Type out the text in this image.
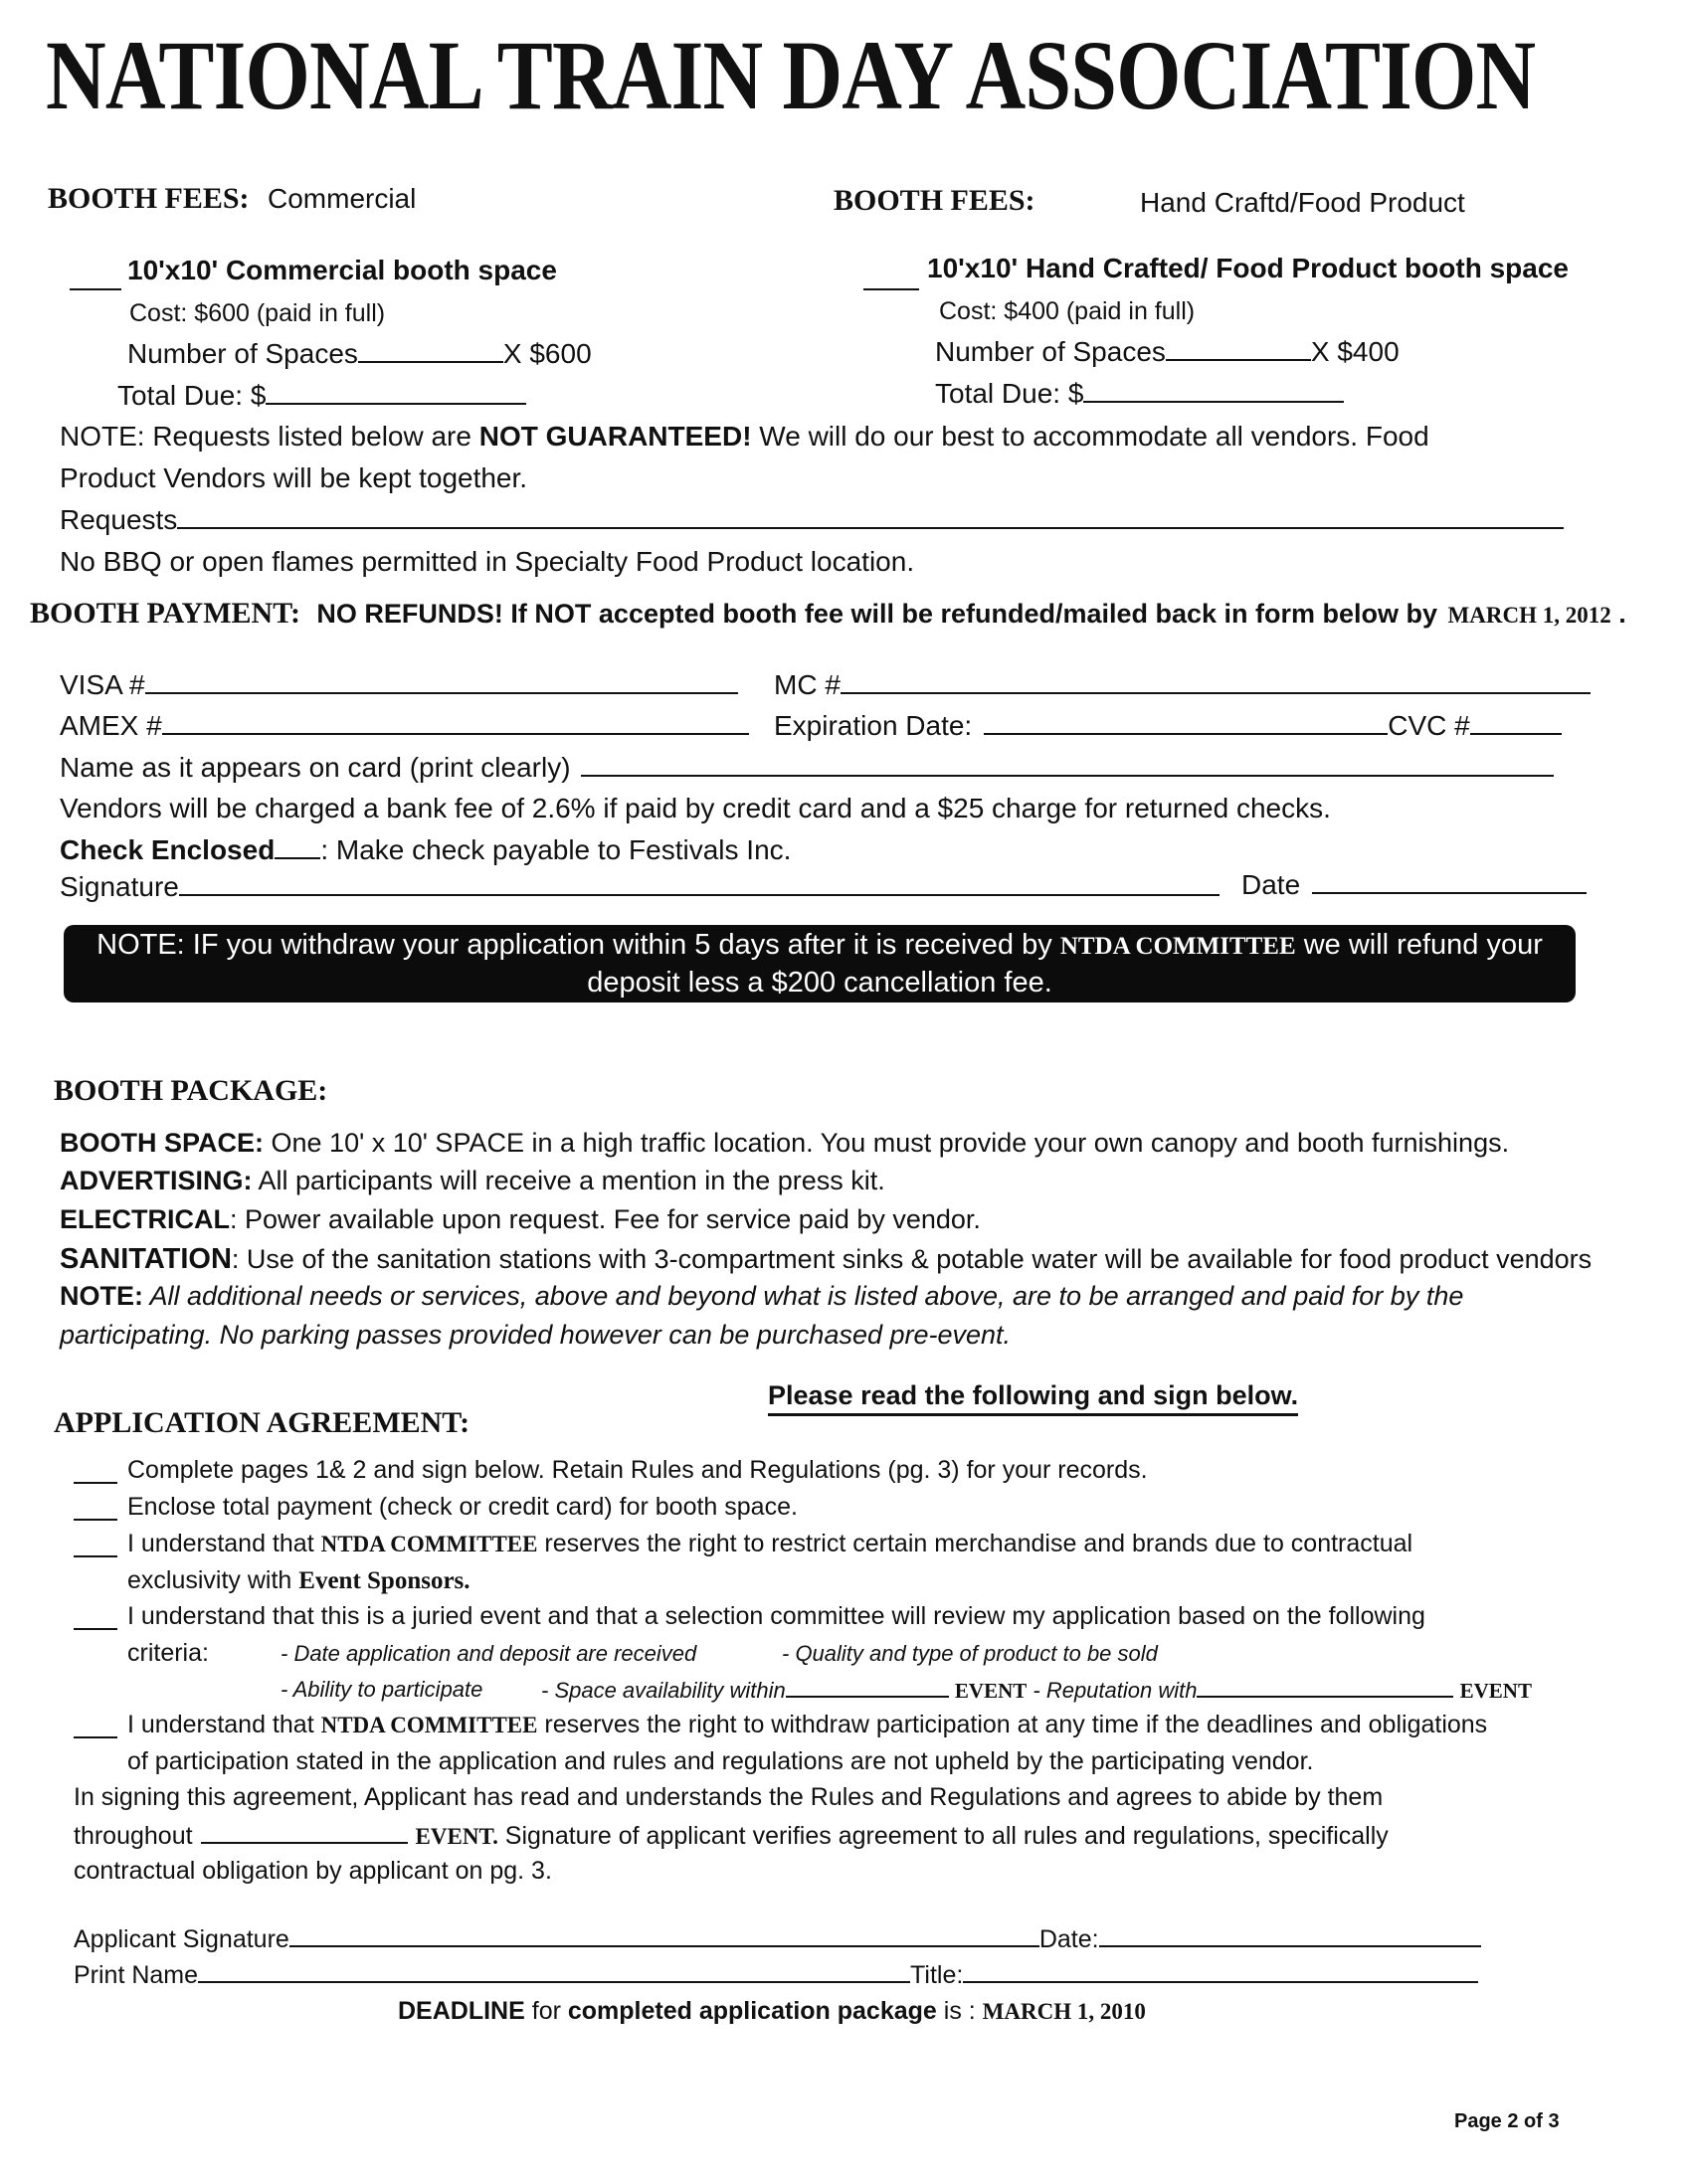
NATIONAL TRAIN DAY ASSOCIATION
BOOTH FEES: Commercial	BOOTH FEES:	Hand Craftd/Food Product
10'x10' Commercial booth space
Cost: $600 (paid in full)
Number of Spaces	X $600
Total Due: $
10'x10' Hand Crafted/ Food Product booth space
Cost: $400 (paid in full)
Number of Spaces	X $400
Total Due: $
NOTE: Requests listed below are NOT GUARANTEED! We will do our best to accommodate all vendors. Food
Product Vendors will be kept together.
Requests
No BBQ or open flames permitted in Specialty Food Product location.
BOOTH PAYMENT: NO REFUNDS! If NOT accepted booth fee will be refunded/mailed back in form below by MARCH 1, 2012 .
VISA #	MC #
AMEX #	Expiration Date:	CVC #
Name as it appears on card (print clearly)
Vendors will be charged a bank fee of 2.6% if paid by credit card and a $25 charge for returned checks.
Check Enclosed : Make check payable to Festivals Inc.
Signature	Date
NOTE: IF you withdraw your application within 5 days after it is received by NTDA COMMITTEE we will refund your
deposit less a $200 cancellation fee.
BOOTH PACKAGE:
BOOTH SPACE: One 10' x 10' SPACE in a high traffic location. You must provide your own canopy and booth furnishings.
ADVERTISING: All participants will receive a mention in the press kit.
ELECTRICAL: Power available upon request. Fee for service paid by vendor.
SANITATION: Use of the sanitation stations with 3-compartment sinks & potable water will be available for food product vendors
NOTE: All additional needs or services, above and beyond what is listed above, are to be arranged and paid for by the
participating. No parking passes provided however can be purchased pre-event.
Please read the following and sign below.
APPLICATION AGREEMENT:
Complete pages 1& 2 and sign below. Retain Rules and Regulations (pg. 3) for your records.
Enclose total payment (check or credit card) for booth space.
I understand that NTDA COMMITTEE reserves the right to restrict certain merchandise and brands due to contractual
exclusivity with Event Sponsors.
I understand that this is a juried event and that a selection committee will review my application based on the following
criteria:	- Date application and deposit are received	- Quality and type of product to be sold
- Ability to participate	- Space availability within	EVENT - Reputation with	EVENT
I understand that NTDA COMMITTEE reserves the right to withdraw participation at any time if the deadlines and obligations
of participation stated in the application and rules and regulations are not upheld by the participating vendor.
In signing this agreement, Applicant has read and understands the Rules and Regulations and agrees to abide by them
throughout	EVENT. Signature of applicant verifies agreement to all rules and regulations, specifically
contractual obligation by applicant on pg. 3.
Applicant Signature	Date:
Print Name	Title:
DEADLINE for completed application package is : MARCH 1, 2010
Page 2 of 3
